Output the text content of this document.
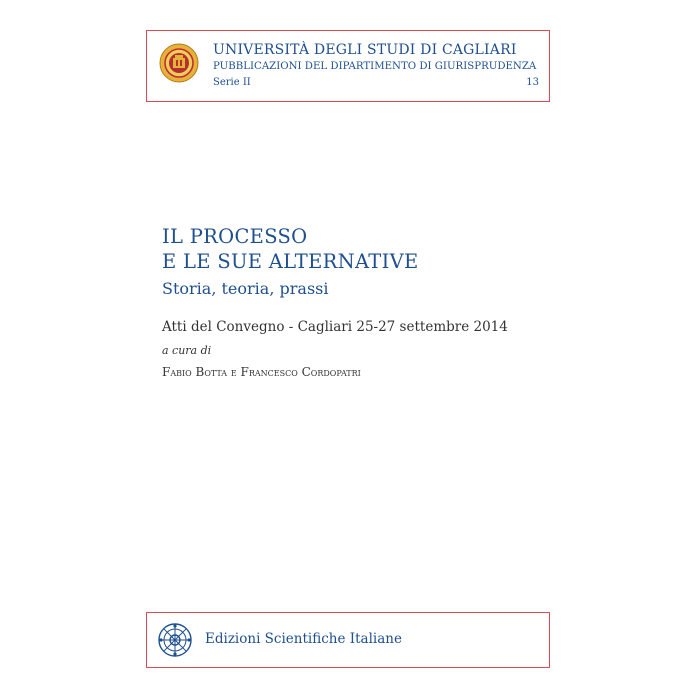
UNIVERSITÀ DEGLI STUDI DI CAGLIARI
PUBBLICAZIONI DEL DIPARTIMENTO DI GIURISPRUDENZA
Serie II	13
IL PROCESSO
E LE SUE ALTERNATIVE
Storia, teoria, prassi
Atti del Convegno - Cagliari 25-27 settembre 2014
a cura di
Fabio Botta e Francesco Cordopatri
Edizioni Scientifiche Italiane
